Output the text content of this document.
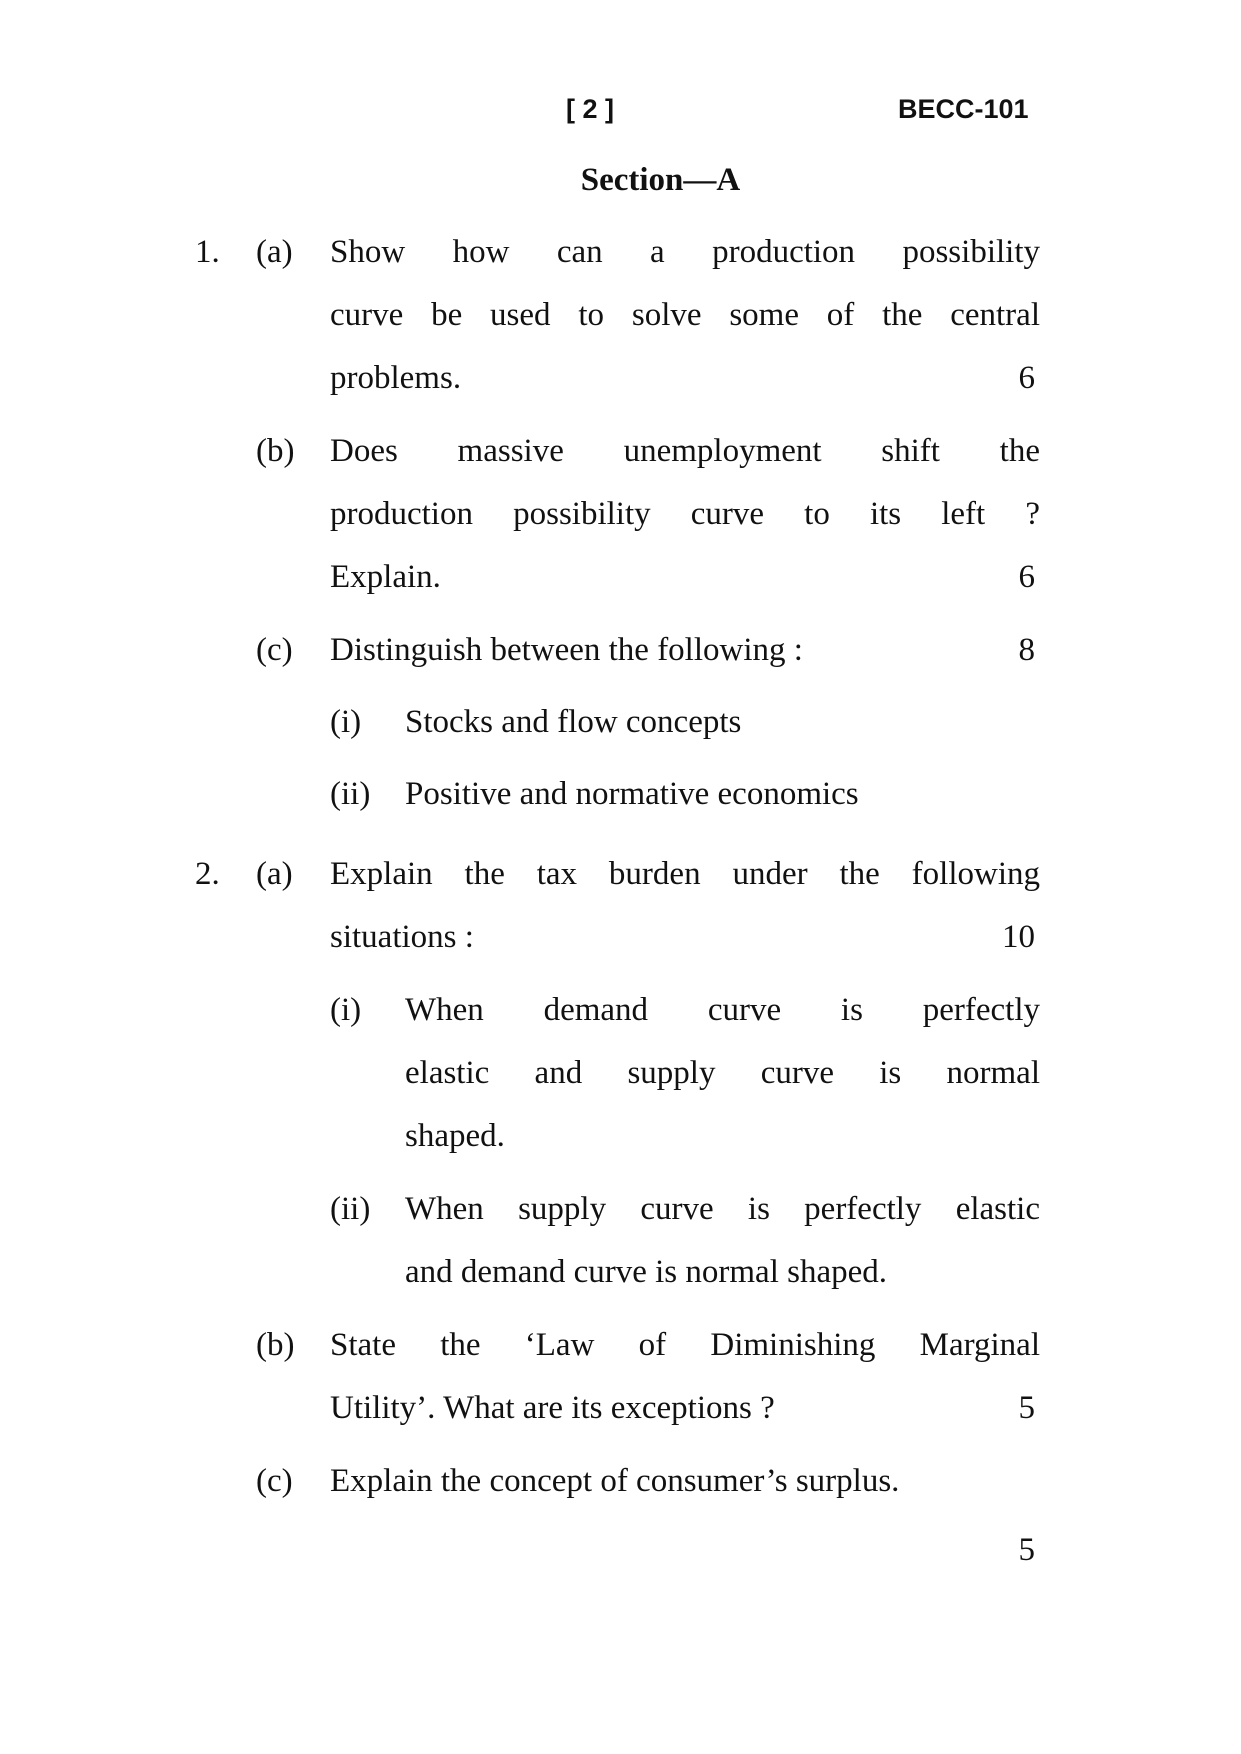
[ 2 ]	BECC-101
Section—A
1. (a) Show how can a production possibility
curve be used to solve some of the central
problems.	6
(b) Does massive unemployment shift the
production possibility curve to its left ?
Explain.	6
(c) Distinguish between the following :	8
(i) Stocks and flow concepts
(ii) Positive and normative economics
2. (a) Explain the tax burden under the following
situations :	10
(i) When demand curve is perfectly
elastic and supply curve is normal
shaped.
(ii) When supply curve is perfectly elastic
and demand curve is normal shaped.
(b) State the ‘Law of Diminishing Marginal
Utility’. What are its exceptions ?	5
(c) Explain the concept of consumer’s surplus.
5
